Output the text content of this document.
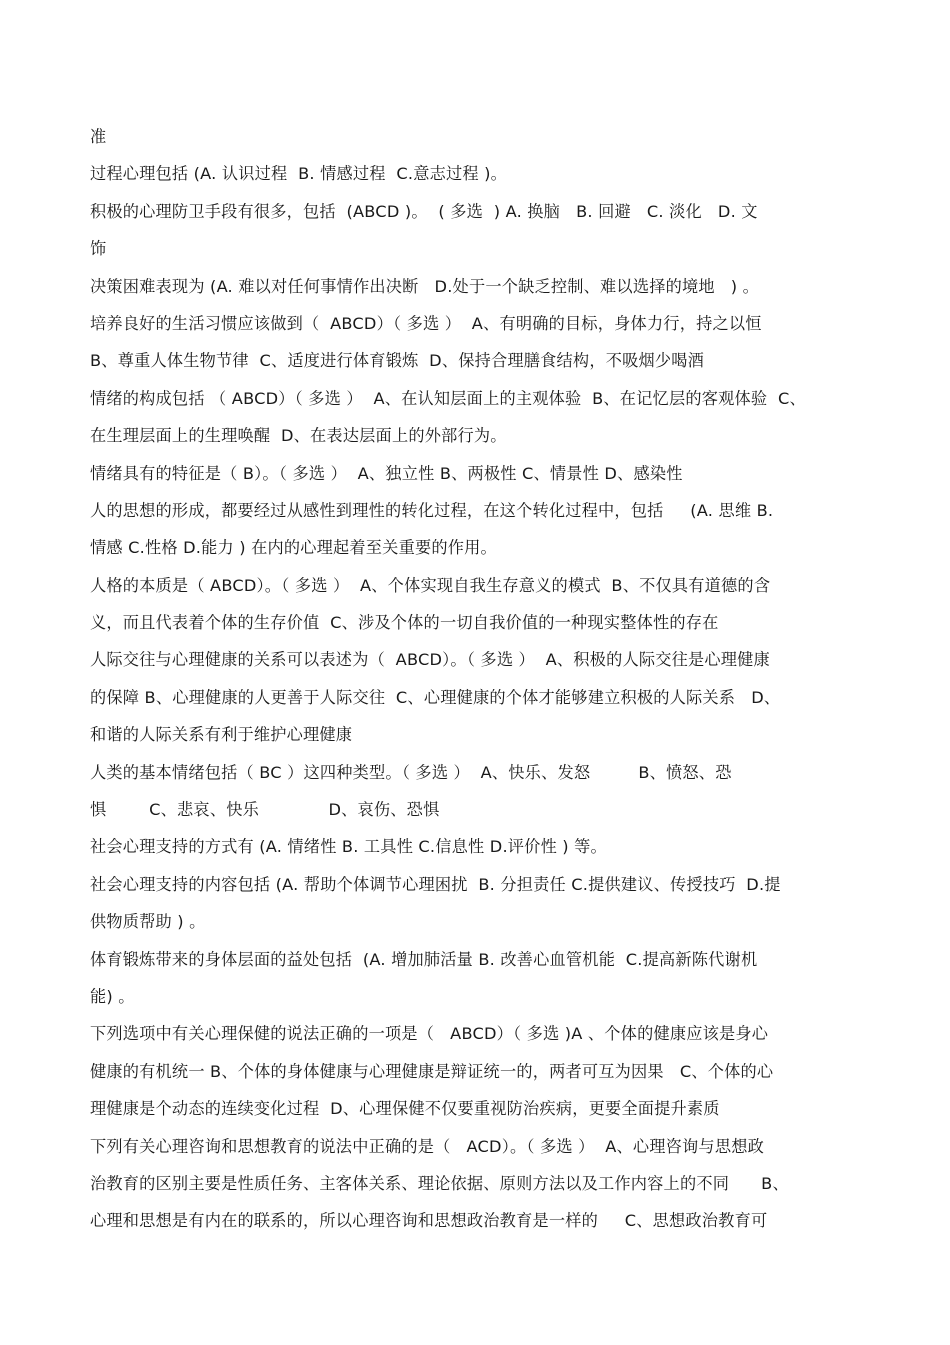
准
过程心理包括 (A. 认识过程  B. 情感过程  C.意志过程 )。
积极的心理防卫手段有很多，包括  (ABCD )。  ( 多选  ) A. 换脑   B. 回避   C. 淡化   D. 文
饰
决策困难表现为 (A. 难以对任何事情作出决断   D.处于一个缺乏控制、难以选择的境地   ) 。
培养良好的生活习惯应该做到（  ABCD）（ 多选 ）  A、有明确的目标，身体力行，持之以恒
B、尊重人体生物节律  C、适度进行体育锻炼  D、保持合理膳食结构，不吸烟少喝酒
情绪的构成包括 （ ABCD）（ 多选 ）  A、在认知层面上的主观体验  B、在记忆层的客观体验  C、
在生理层面上的生理唤醒  D、在表达层面上的外部行为。
情绪具有的特征是（ B）。（ 多选 ）  A、独立性 B、两极性 C、情景性 D、感染性
人的思想的形成，都要经过从感性到理性的转化过程，在这个转化过程中，包括     (A. 思维 B.
情感 C.性格 D.能力 ) 在内的心理起着至关重要的作用。
人格的本质是（ ABCD）。（ 多选 ）  A、个体实现自我生存意义的模式  B、不仅具有道德的含
义，而且代表着个体的生存价值  C、涉及个体的一切自我价值的一种现实整体性的存在
人际交往与心理健康的关系可以表述为（  ABCD）。（ 多选 ）  A、积极的人际交往是心理健康
的保障 B、心理健康的人更善于人际交往  C、心理健康的个体才能够建立积极的人际关系   D、
和谐的人际关系有利于维护心理健康
人类的基本情绪包括（ BC ）这四种类型。（ 多选 ）  A、快乐、发怒         B、愤怒、恐
惧        C、悲哀、快乐             D、哀伤、恐惧
社会心理支持的方式有 (A. 情绪性 B. 工具性 C.信息性 D.评价性 ) 等。
社会心理支持的内容包括 (A. 帮助个体调节心理困扰  B. 分担责任 C.提供建议、传授技巧  D.提
供物质帮助 ) 。
体育锻炼带来的身体层面的益处包括  (A. 增加肺活量 B. 改善心血管机能  C.提高新陈代谢机
能) 。
下列选项中有关心理保健的说法正确的一项是（   ABCD）（ 多选 )A 、个体的健康应该是身心
健康的有机统一 B、个体的身体健康与心理健康是辩证统一的，两者可互为因果   C、个体的心
理健康是个动态的连续变化过程  D、心理保健不仅要重视防治疾病，更要全面提升素质
下列有关心理咨询和思想教育的说法中正确的是（   ACD）。（ 多选 ）  A、心理咨询与思想政
治教育的区别主要是性质任务、主客体关系、理论依据、原则方法以及工作内容上的不同      B、
心理和思想是有内在的联系的，所以心理咨询和思想政治教育是一样的     C、思想政治教育可
